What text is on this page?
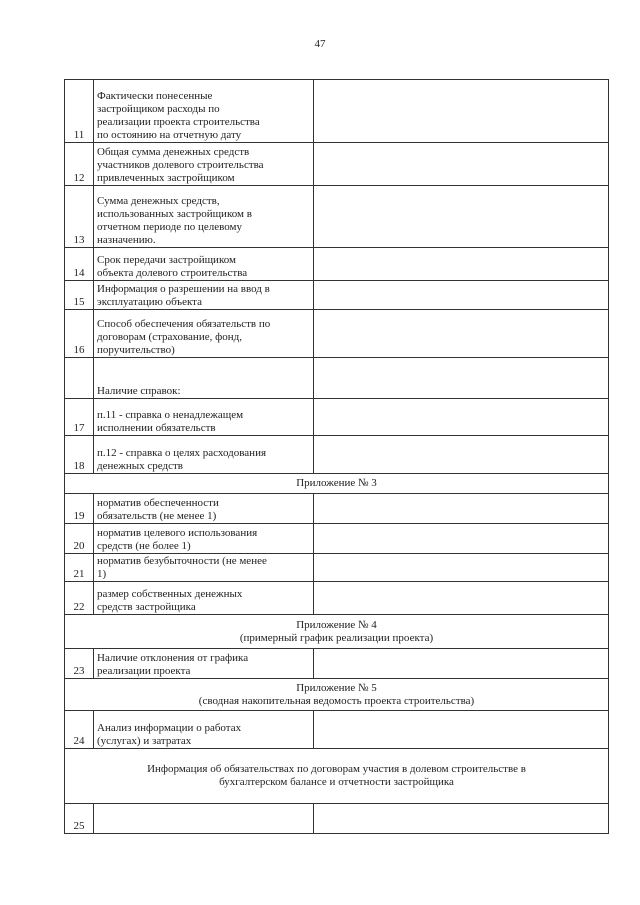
47
11	Фактически понесенные
застройщиком расходы по
реализации проекта строительства
по остоянию на отчетную дату	

12	Общая сумма денежных средств
участников долевого строительства
привлеченных застройщиком	

13	Сумма денежных средств,
использованных застройщиком в
отчетном периоде по целевому
назначению.	

14	Срок передачи застройщиком
объекта долевого строительства	

15	Информация о разрешении на ввод в
эксплуатацию объекта	

16	Способ обеспечения обязательств по
договорам (страхование, фонд,
поручительство)	

	Наличие справок:	

17	п.11 - справка о ненадлежащем
исполнении обязательств	

18	п.12 - справка о целях расходования
денежных средств	

Приложение № 3		

19	норматив обеспеченности
обязательств (не менее 1)	

20	норматив целевого использования
средств (не более 1)	

21	норматив безубыточности (не менее
1)	

22	размер собственных денежных
средств застройщика	

Приложение № 4
(примерный график реализации проекта)		

23	Наличие отклонения от графика
реализации проекта	

Приложение № 5
(сводная накопительная ведомость проекта строительства)		

24	Анализ информации о работах
(услугах) и затратах	

Информация об обязательствах по договорам участия в долевом строительстве в
бухгалтерском балансе и отчетности застройщика		

25		
